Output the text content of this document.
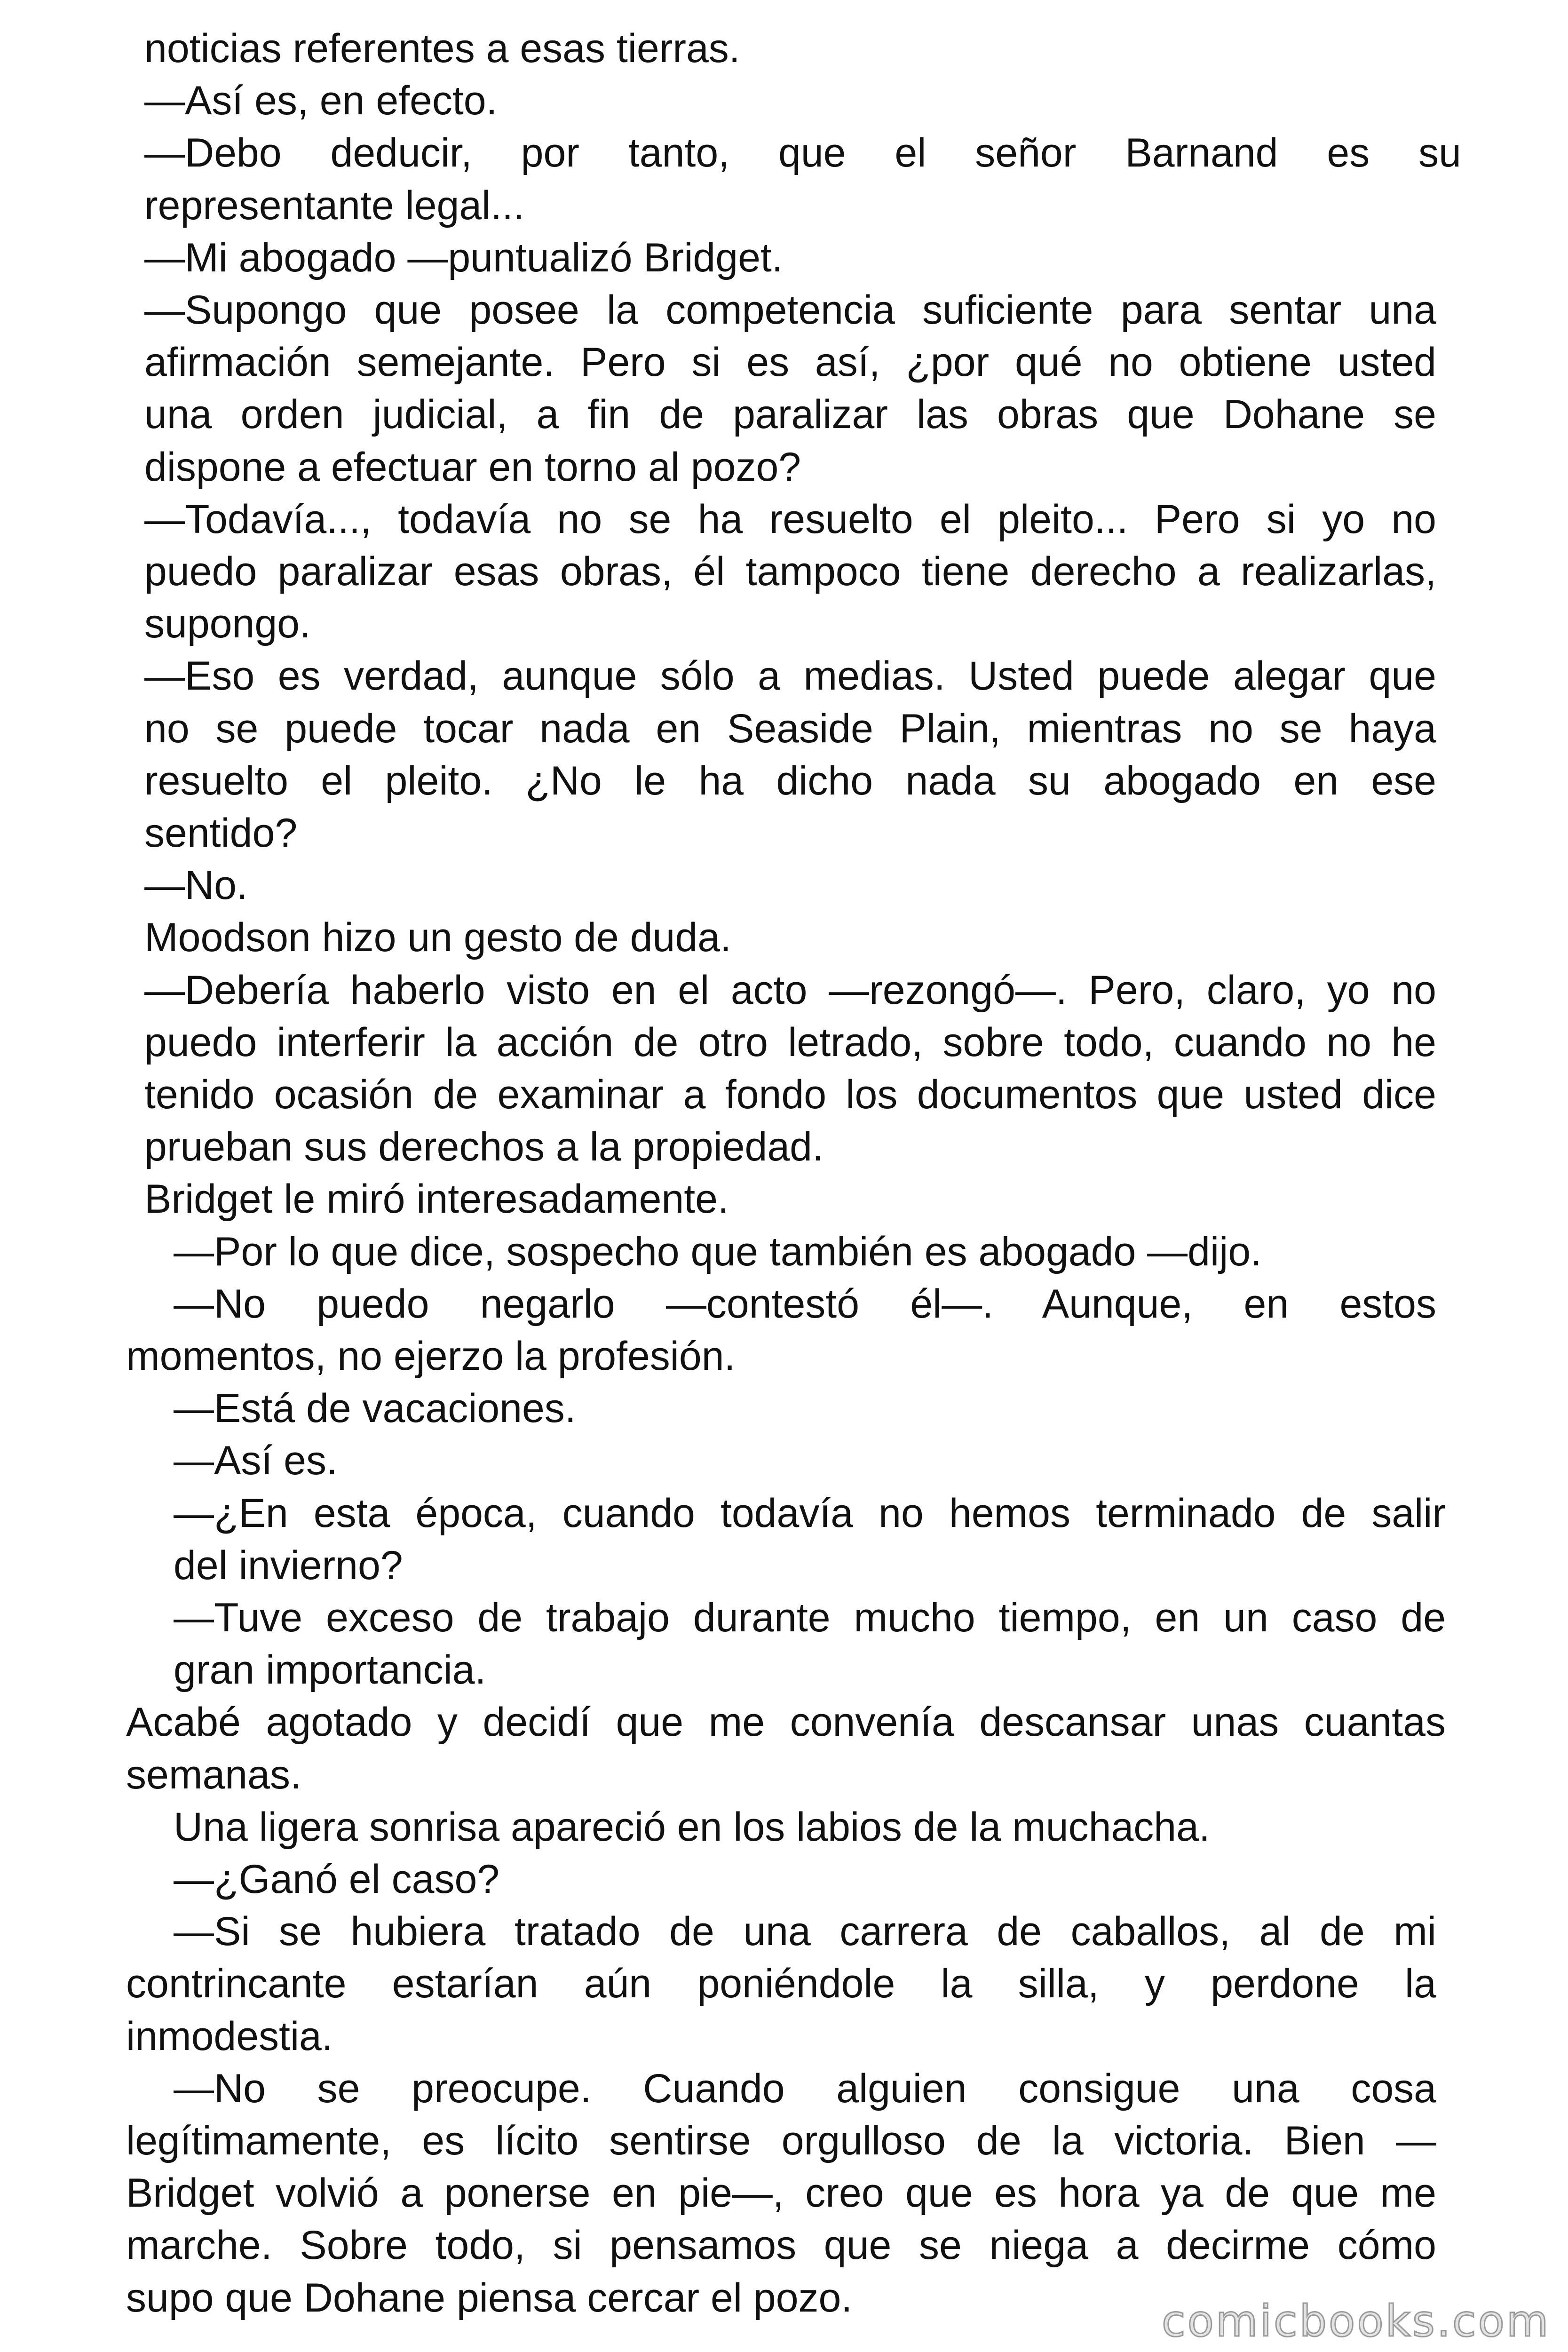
comicbooks.com
noticias referentes a esas tierras.
—Así es, en efecto.
—Debo deducir, por tanto, que el señor Barnand es su
representante legal...
—Mi abogado —puntualizó Bridget.
—Supongo que posee la competencia suficiente para sentar una
afirmación semejante. Pero si es así, ¿por qué no obtiene usted
una orden judicial, a fin de paralizar las obras que Dohane se
dispone a efectuar en torno al pozo?
—Todavía..., todavía no se ha resuelto el pleito... Pero si yo no
puedo paralizar esas obras, él tampoco tiene derecho a realizarlas,
supongo.
—Eso es verdad, aunque sólo a medias. Usted puede alegar que
no se puede tocar nada en Seaside Plain, mientras no se haya
resuelto el pleito. ¿No le ha dicho nada su abogado en ese
sentido?
—No.
Moodson hizo un gesto de duda.
—Debería haberlo visto en el acto —rezongó—. Pero, claro, yo no
puedo interferir la acción de otro letrado, sobre todo, cuando no he
tenido ocasión de examinar a fondo los documentos que usted dice
prueban sus derechos a la propiedad.
Bridget le miró interesadamente.
—Por lo que dice, sospecho que también es abogado —dijo.
—No puedo negarlo —contestó él—. Aunque, en estos
momentos, no ejerzo la profesión.
—Está de vacaciones.
—Así es.
—¿En esta época, cuando todavía no hemos terminado de salir
del invierno?
—Tuve exceso de trabajo durante mucho tiempo, en un caso de
gran importancia.
Acabé agotado y decidí que me convenía descansar unas cuantas
semanas.
Una ligera sonrisa apareció en los labios de la muchacha.
—¿Ganó el caso?
—Si se hubiera tratado de una carrera de caballos, al de mi
contrincante estarían aún poniéndole la silla, y perdone la
inmodestia.
—No se preocupe. Cuando alguien consigue una cosa
legítimamente, es lícito sentirse orgulloso de la victoria. Bien —
Bridget volvió a ponerse en pie—, creo que es hora ya de que me
marche. Sobre todo, si pensamos que se niega a decirme cómo
supo que Dohane piensa cercar el pozo.
